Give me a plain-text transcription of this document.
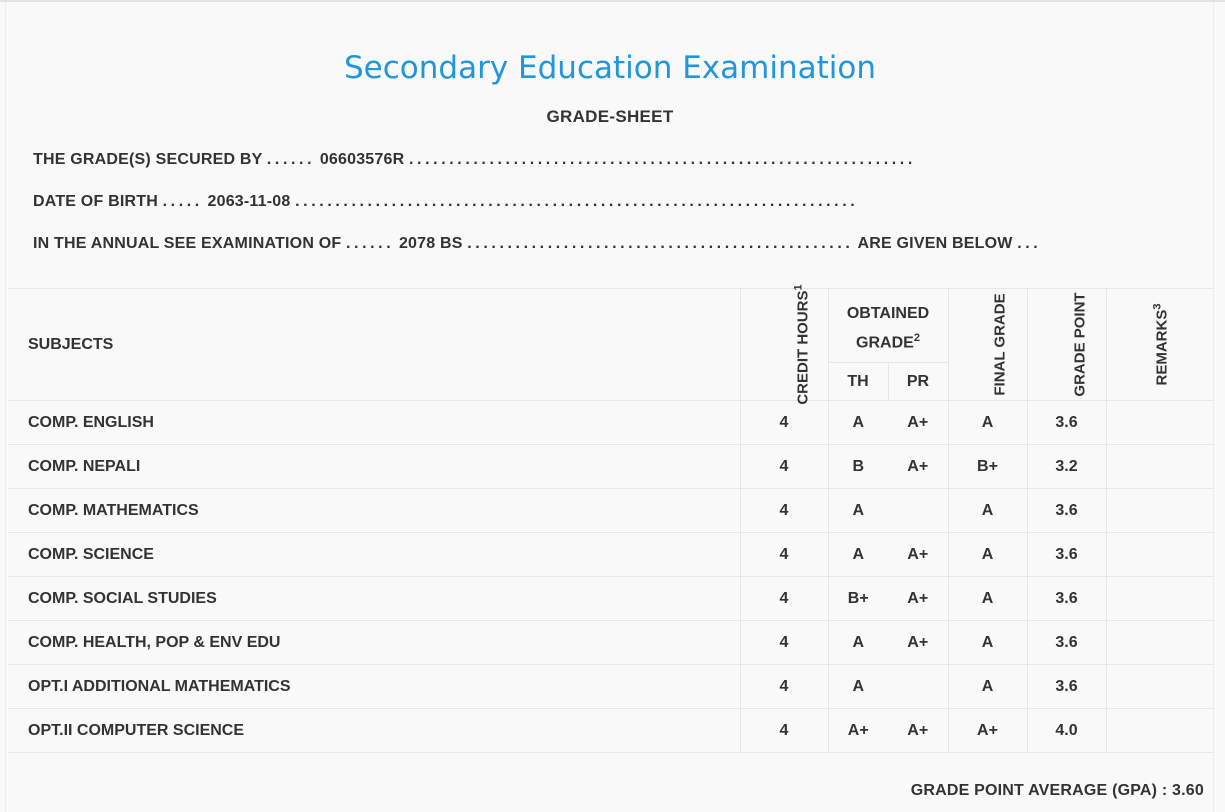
Secondary Education Examination
GRADE-SHEET
THE GRADE(S) SECURED BY ...... 06603576R ...............................................................
DATE OF BIRTH ..... 2063-11-08 ......................................................................
IN THE ANNUAL SEE EXAMINATION OF ...... 2078 BS ................................................ ARE GIVEN BELOW ...
SUBJECTS	CREDIT HOURS$^1$	OBTAINED GRADE$^2$		FINAL GRADE	GRADE POINT	REMARKS$^3$
		TH	PR			
COMP. ENGLISH	4	A	A+	A	3.6	
COMP. NEPALI	4	B	A+	B+	3.2	
COMP. MATHEMATICS	4	A		A	3.6	
COMP. SCIENCE	4	A	A+	A	3.6	
COMP. SOCIAL STUDIES	4	B+	A+	A	3.6	
COMP. HEALTH, POP & ENV EDU	4	A	A+	A	3.6	
OPT.I ADDITIONAL MATHEMATICS	4	A		A	3.6	
OPT.II COMPUTER SCIENCE	4	A+	A+	A+	4.0	

GRADE POINT AVERAGE (GPA) : 3.60
